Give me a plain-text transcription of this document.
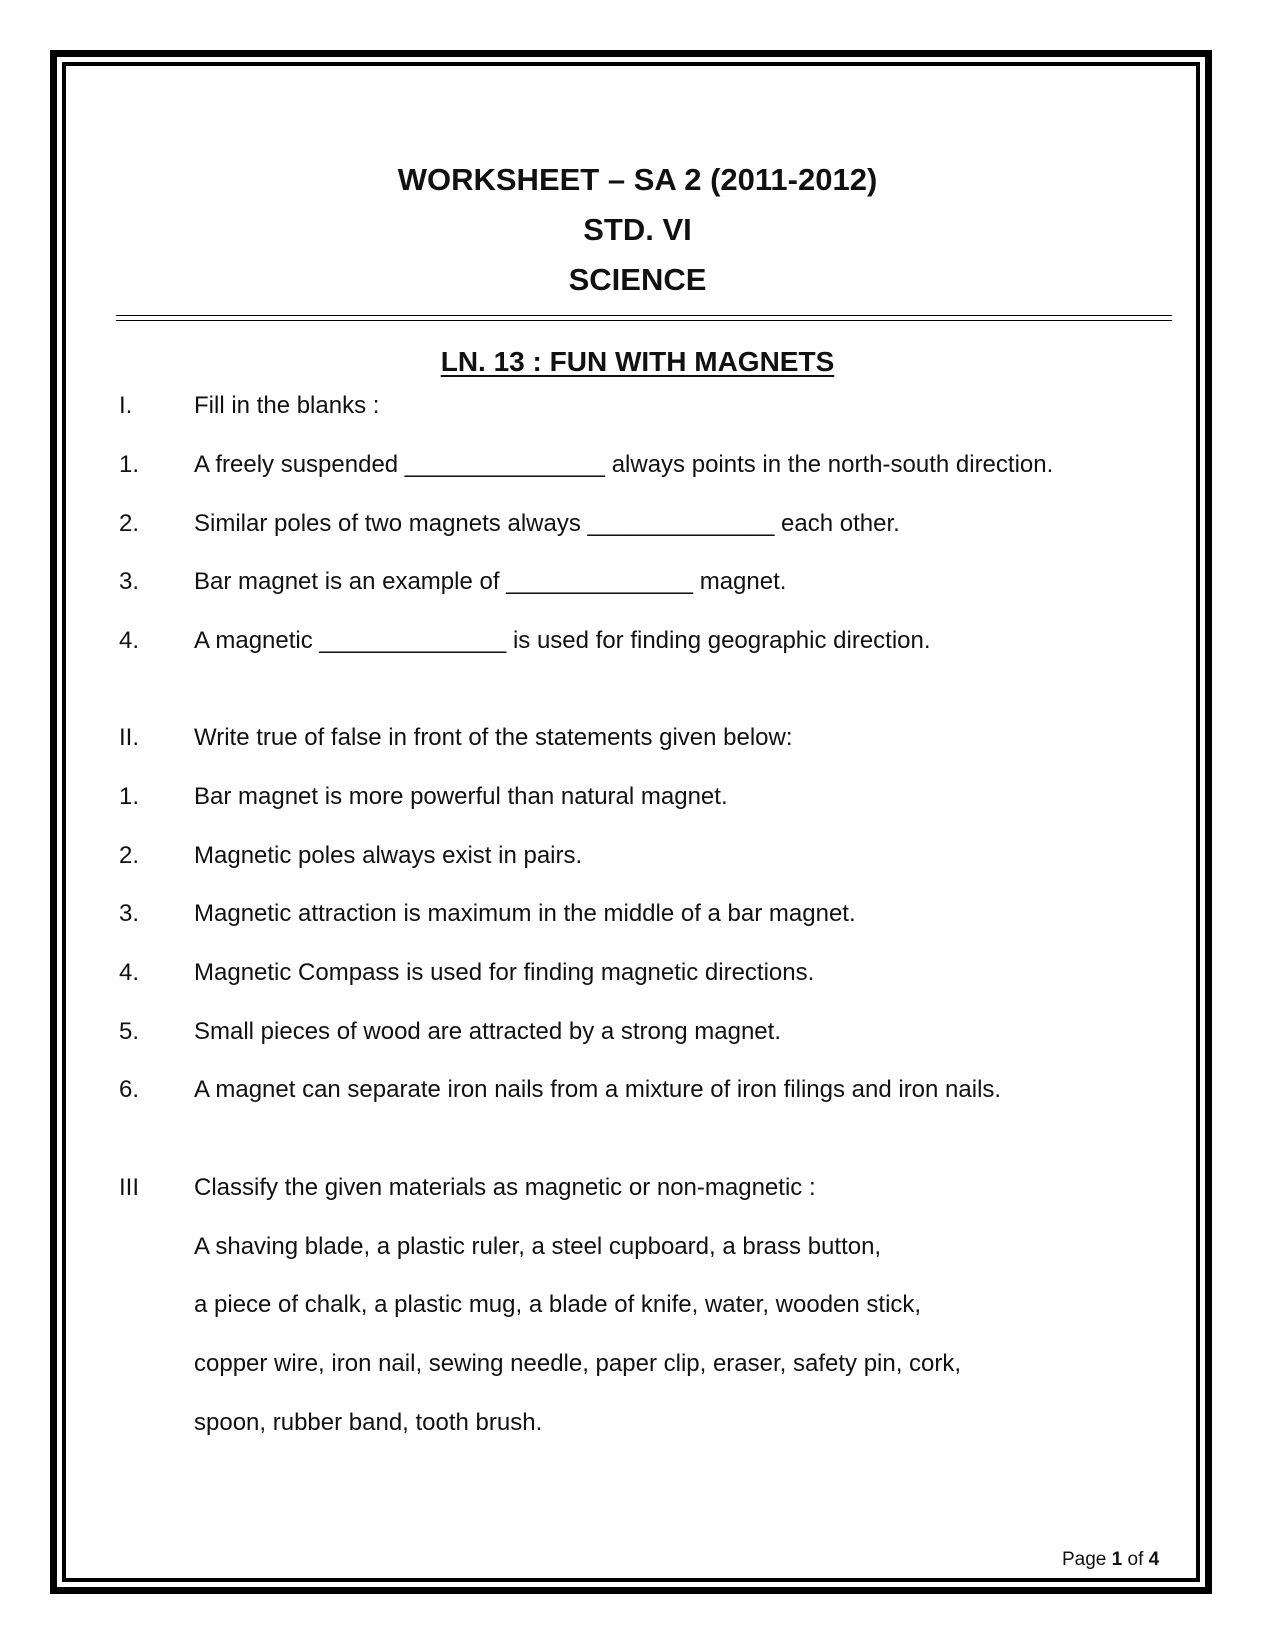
WORKSHEET – SA 2 (2011-2012)
STD. VI
SCIENCE
LN. 13 : FUN WITH MAGNETS
I.	Fill in the blanks :
1. A freely suspended _______________ always points in the north-south direction.
2. Similar poles of two magnets always ______________ each other.
3. Bar magnet is an example of ______________ magnet.
4. A magnetic ______________ is used for finding geographic direction.
II. Write true of false in front of the statements given below:
1. Bar magnet is more powerful than natural magnet.
2. Magnetic poles always exist in pairs.
3. Magnetic attraction is maximum in the middle of a bar magnet.
4. Magnetic Compass is used for finding magnetic directions.
5. Small pieces of wood are attracted by a strong magnet.
6. A magnet can separate iron nails from a mixture of iron filings and iron nails.
III Classify the given materials as magnetic or non-magnetic :
A shaving blade, a plastic ruler, a steel cupboard, a brass button,
a piece of chalk, a plastic mug, a blade of knife, water, wooden stick,
copper wire, iron nail, sewing needle, paper clip, eraser, safety pin, cork,
spoon, rubber band, tooth brush.
Page 1 of 4
